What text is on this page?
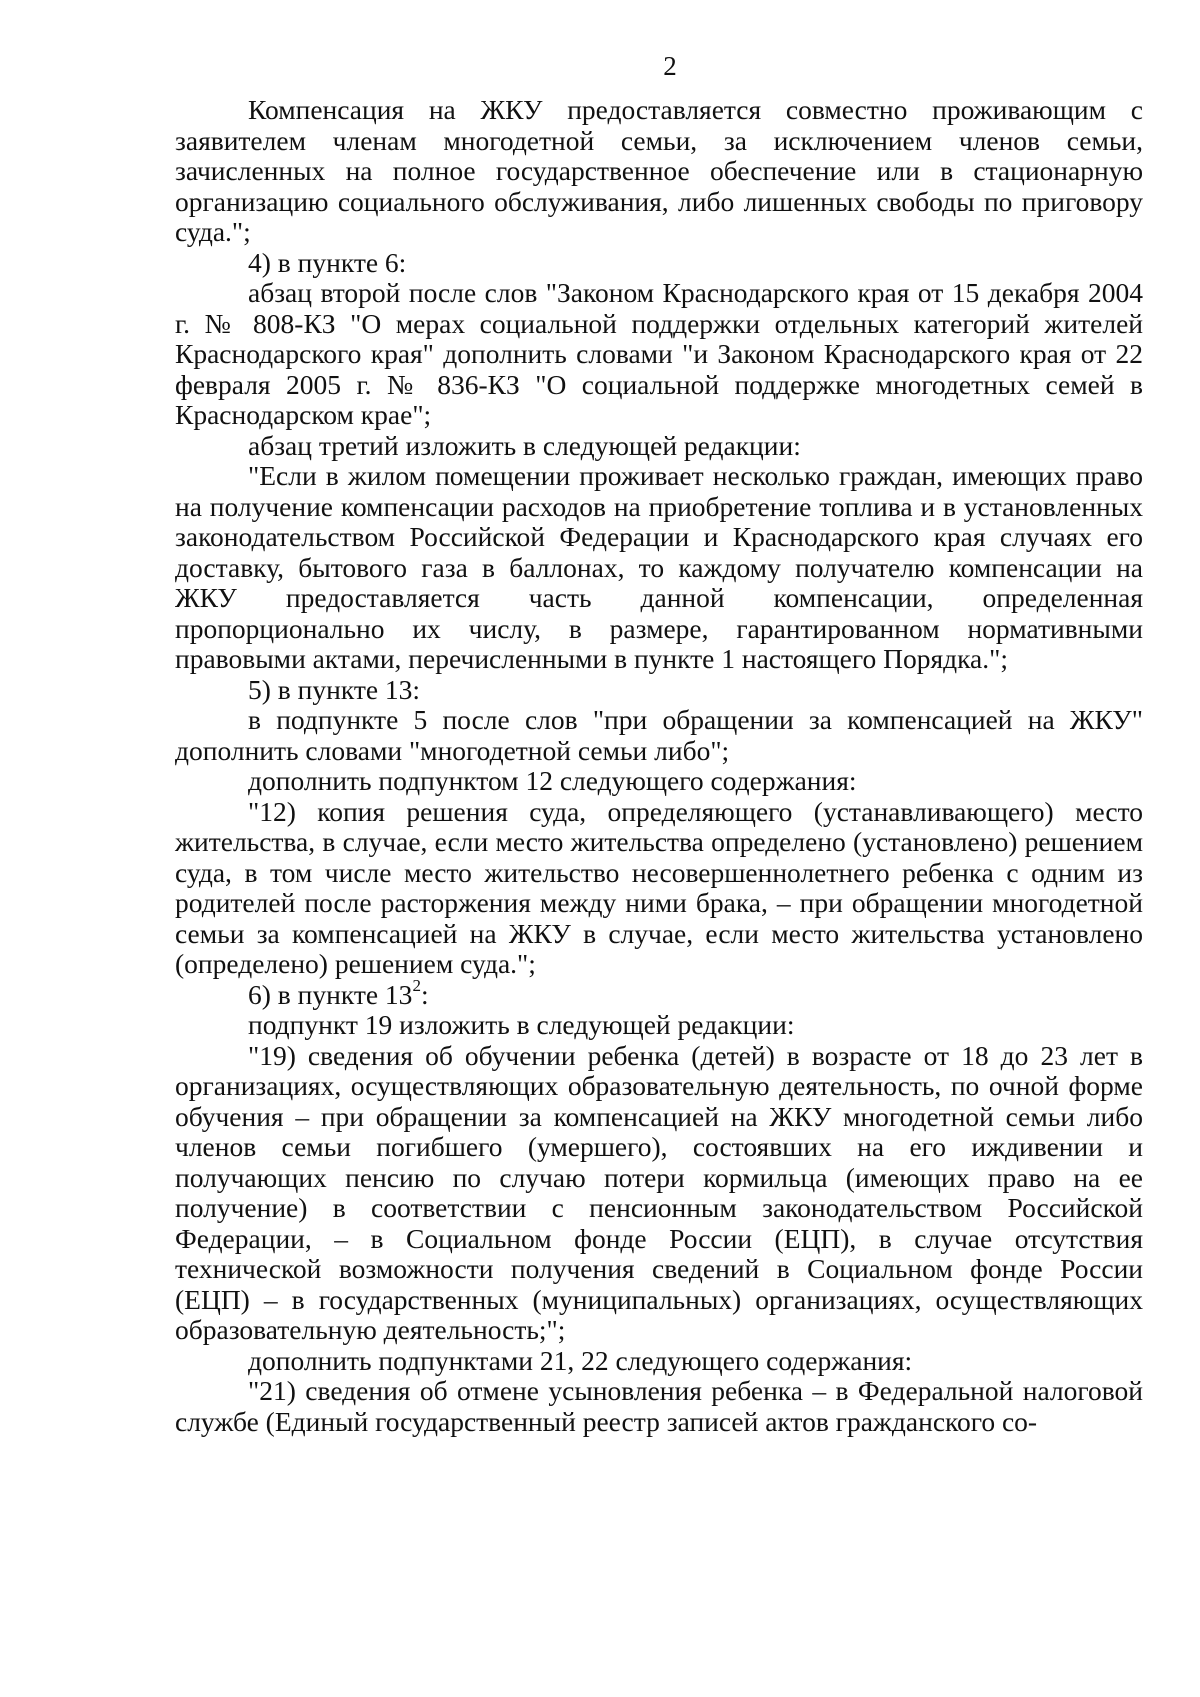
2

Компенсация на ЖКУ предоставляется совместно проживающим с заявителем членам многодетной семьи, за исключением членов семьи, зачисленных на полное государственное обеспечение или в стационарную организацию социального обслуживания, либо лишенных свободы по приговору суда.";

4) в пункте 6:

абзац второй после слов "Законом Краснодарского края от 15 декабря 2004 г. № 808-КЗ "О мерах социальной поддержки отдельных категорий жителей Краснодарского края" дополнить словами "и Законом Краснодарского края от 22 февраля 2005 г. № 836-КЗ "О социальной поддержке многодетных семей в Краснодарском крае";

абзац третий изложить в следующей редакции:

"Если в жилом помещении проживает несколько граждан, имеющих право на получение компенсации расходов на приобретение топлива и в установленных законодательством Российской Федерации и Краснодарского края случаях его доставку, бытового газа в баллонах, то каждому получателю компенсации на ЖКУ предоставляется часть данной компенсации, определенная пропорционально их числу, в размере, гарантированном нормативными правовыми актами, перечисленными в пункте 1 настоящего Порядка.";

5) в пункте 13:

в подпункте 5 после слов "при обращении за компенсацией на ЖКУ" дополнить словами "многодетной семьи либо";

дополнить подпунктом 12 следующего содержания:

"12) копия решения суда, определяющего (устанавливающего) место жительства, в случае, если место жительства определено (установлено) решением суда, в том числе место жительство несовершеннолетнего ребенка с одним из родителей после расторжения между ними брака, – при обращении многодетной семьи за компенсацией на ЖКУ в случае, если место жительства установлено (определено) решением суда.";

6) в пункте $13^2$:

подпункт 19 изложить в следующей редакции:

"19) сведения об обучении ребенка (детей) в возрасте от 18 до 23 лет в организациях, осуществляющих образовательную деятельность, по очной форме обучения – при обращении за компенсацией на ЖКУ многодетной семьи либо членов семьи погибшего (умершего), состоявших на его иждивении и получающих пенсию по случаю потери кормильца (имеющих право на ее получение) в соответствии с пенсионным законодательством Российской Федерации, – в Социальном фонде России (ЕЦП), в случае отсутствия технической возможности получения сведений в Социальном фонде России (ЕЦП) – в государственных (муниципальных) организациях, осуществляющих образовательную деятельность;";

дополнить подпунктами 21, 22 следующего содержания:

"21) сведения об отмене усыновления ребенка – в Федеральной налоговой службе (Единый государственный реестр записей актов гражданского со-
